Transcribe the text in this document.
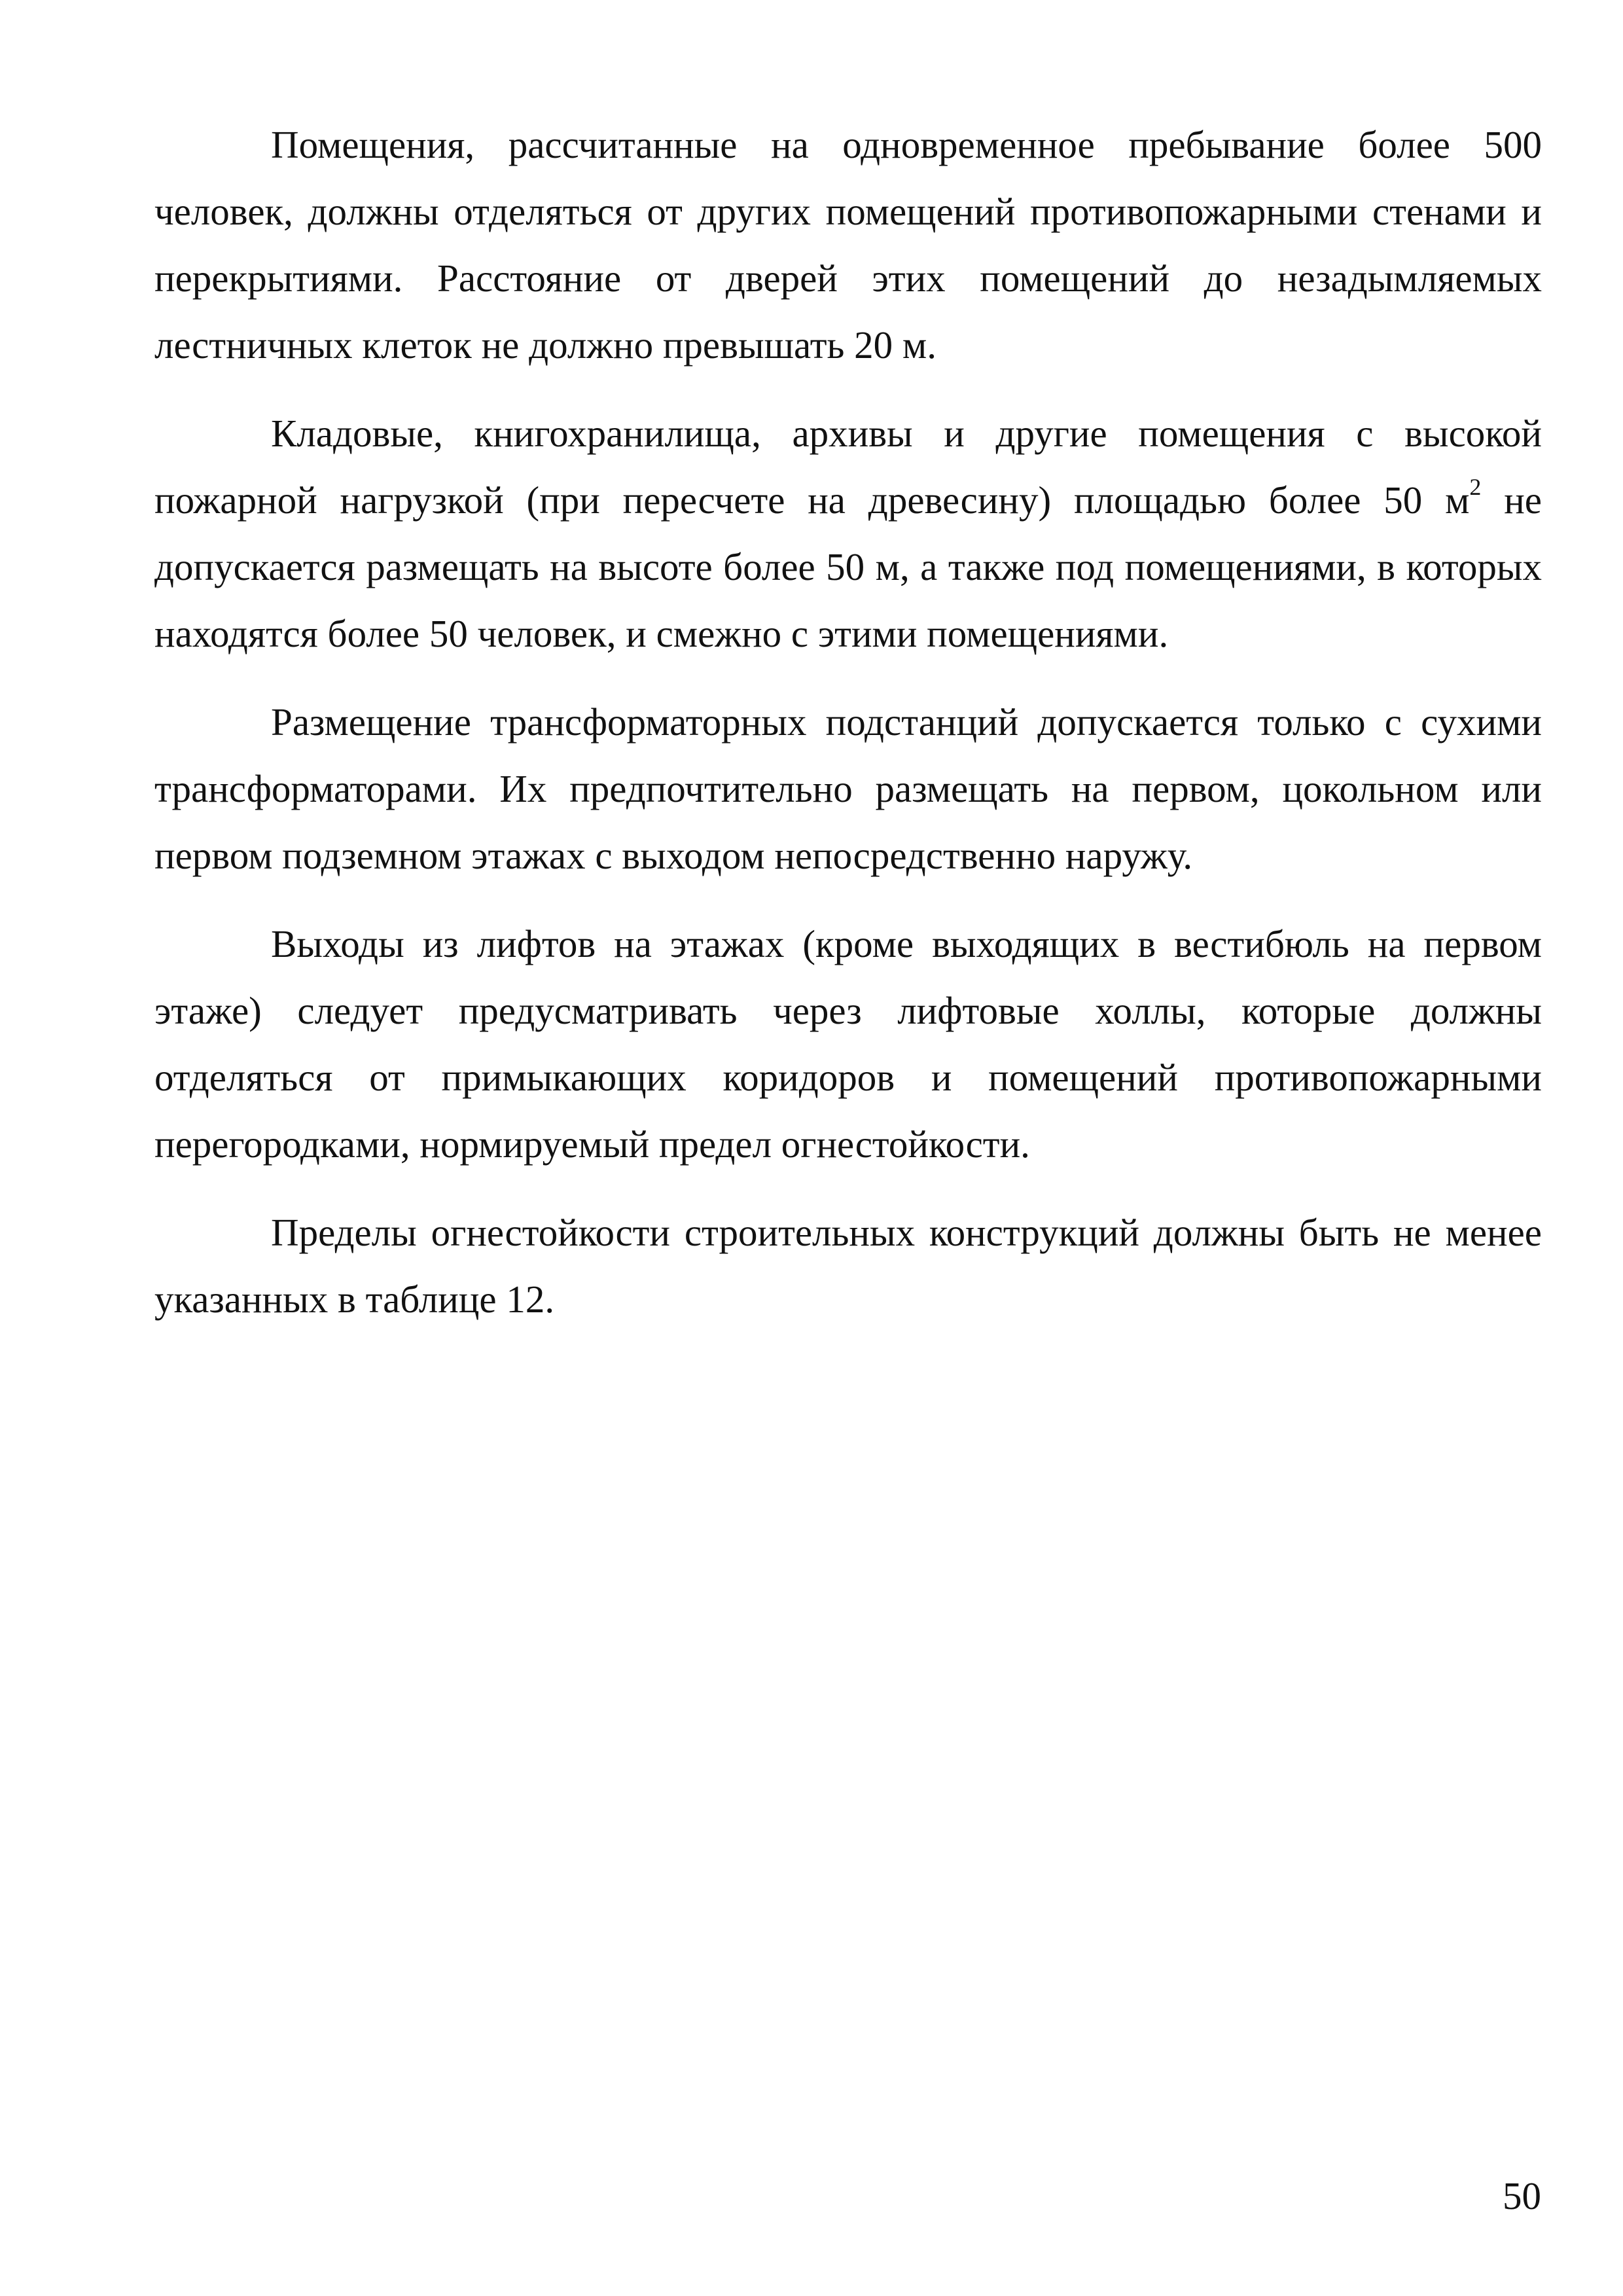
Помещения, рассчитанные на одновременное пребывание более 500 человек, должны отделяться от других помещений противопожарными стенами и перекрытиями. Расстояние от дверей этих помещений до незадымляемых лестничных клеток не должно превышать 20 м.

Кладовые, книгохранилища, архивы и другие помещения с высокой пожарной нагрузкой (при пересчете на древесину) площадью более 50 $м^2$ не допускается размещать на высоте более 50 м, а также под помещениями, в которых находятся более 50 человек, и смежно с этими помещениями.

Размещение трансформаторных подстанций допускается только с сухими трансформаторами. Их предпочтительно размещать на первом, цокольном или первом подземном этажах с выходом непосредственно наружу.

Выходы из лифтов на этажах (кроме выходящих в вестибюль на первом этаже) следует предусматривать через лифтовые холлы, которые должны отделяться от примыкающих коридоров и помещений противопожарными перегородками, нормируемый предел огнестойкости.

Пределы огнестойкости строительных конструкций должны быть не менее указанных в таблице 12.

50
